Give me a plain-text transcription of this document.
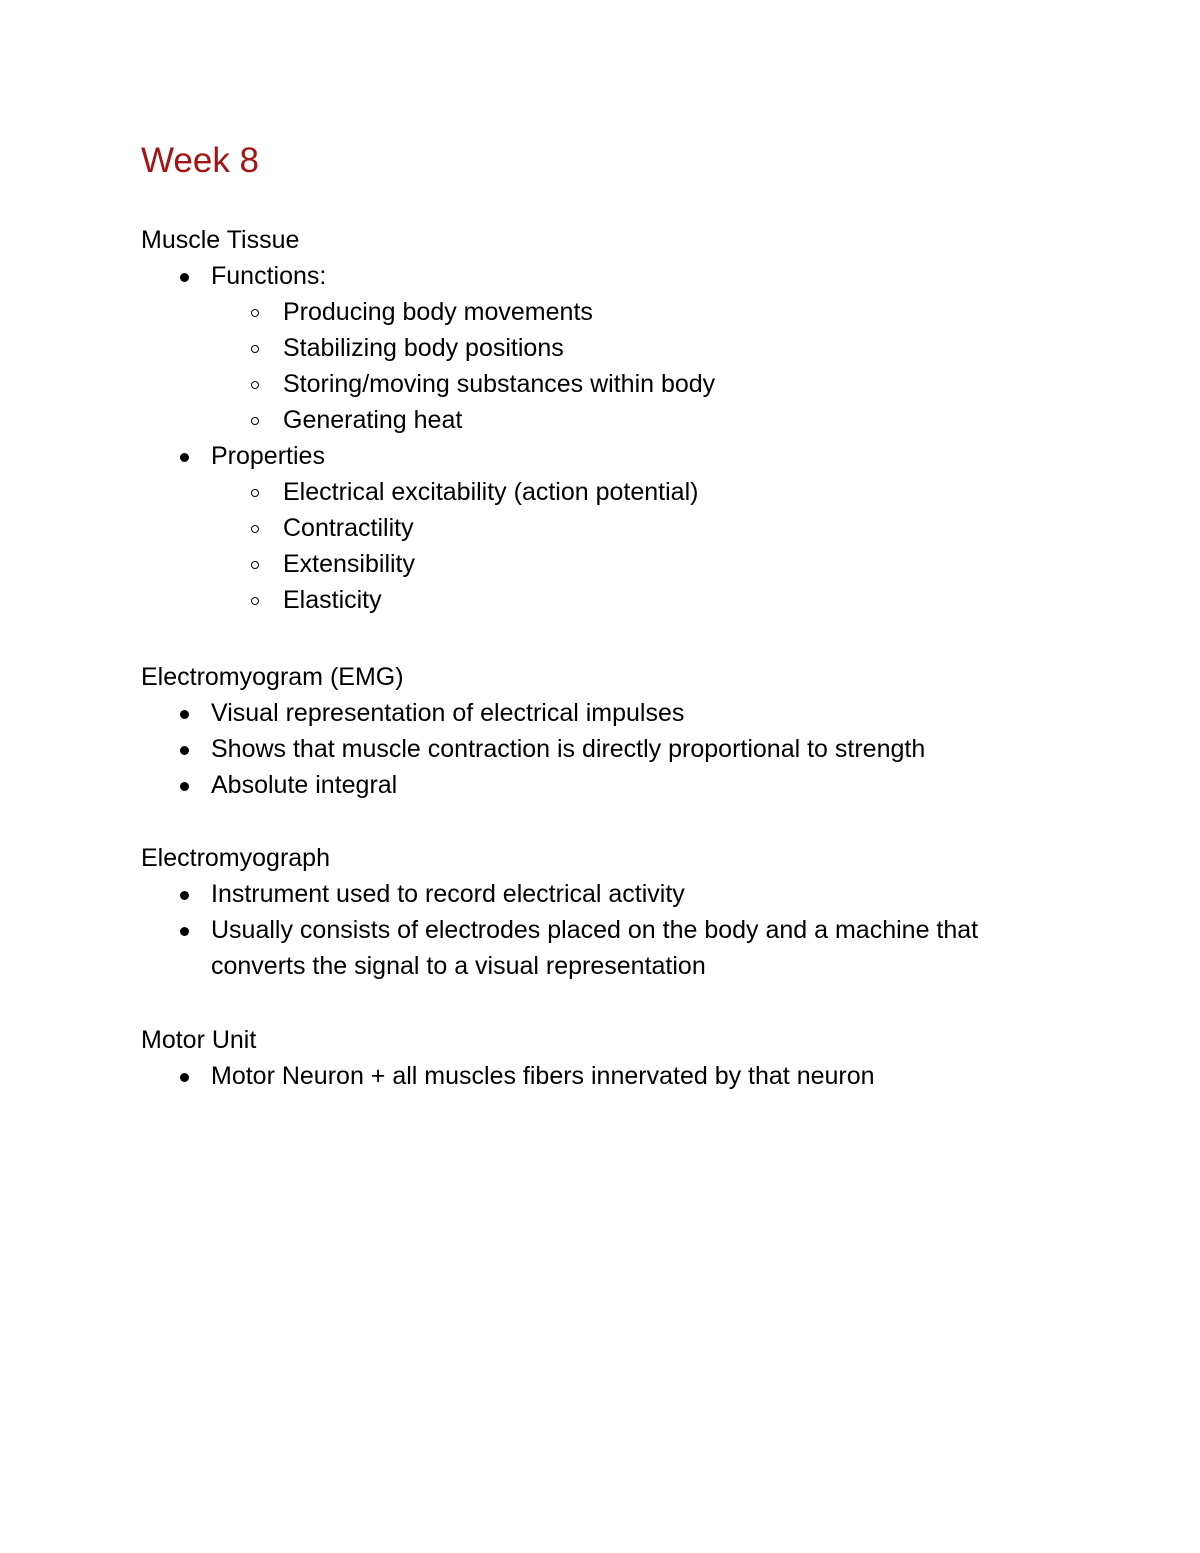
Week 8
Muscle Tissue
Functions:
Producing body movements
Stabilizing body positions
Storing/moving substances within body
Generating heat
Properties
Electrical excitability (action potential)
Contractility
Extensibility
Elasticity
Electromyogram (EMG)
Visual representation of electrical impulses
Shows that muscle contraction is directly proportional to strength
Absolute integral
Electromyograph
Instrument used to record electrical activity
Usually consists of electrodes placed on the body and a machine that converts the signal to a visual representation
Motor Unit
Motor Neuron + all muscles fibers innervated by that neuron
